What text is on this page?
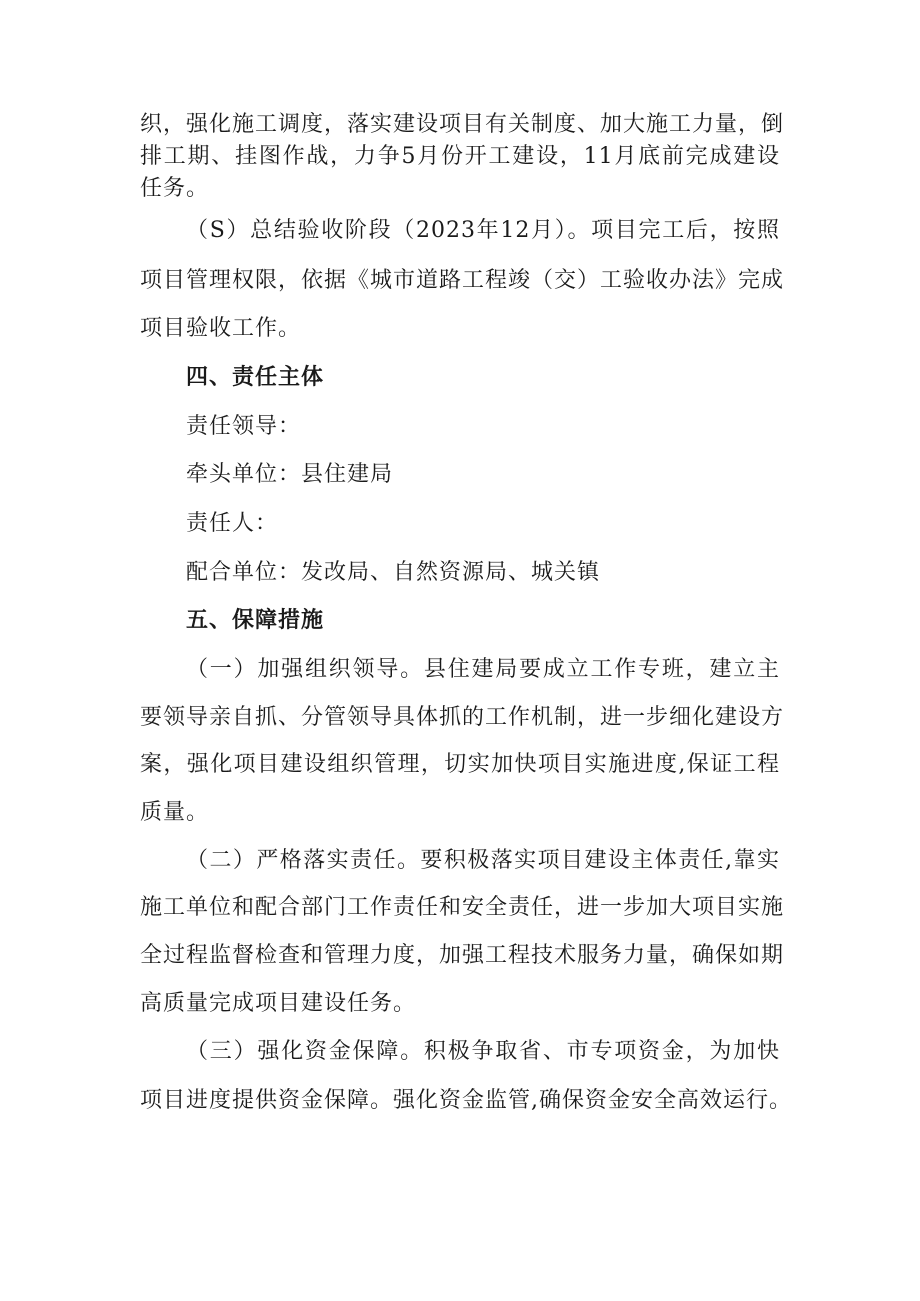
织，强化施工调度，落实建设项目有关制度、加大施工力量，倒
排工期、挂图作战，力争5月份开工建设，11月底前完成建设
任务。
（S）总结验收阶段（2023年12月）。项目完工后，按照
项目管理权限，依据《城市道路工程竣（交）工验收办法》完成
项目验收工作。
四、责任主体
责任领导：
牵头单位：县住建局
责任人：
配合单位：发改局、自然资源局、城关镇
五、保障措施
（一）加强组织领导。县住建局要成立工作专班，建立主
要领导亲自抓、分管领导具体抓的工作机制，进一步细化建设方
案，强化项目建设组织管理，切实加快项目实施进度,保证工程
质量。
（二）严格落实责任。要积极落实项目建设主体责任,靠实
施工单位和配合部门工作责任和安全责任，进一步加大项目实施
全过程监督检查和管理力度，加强工程技术服务力量，确保如期
高质量完成项目建设任务。
（三）强化资金保障。积极争取省、市专项资金，为加快
项目进度提供资金保障。强化资金监管,确保资金安全高效运行。
